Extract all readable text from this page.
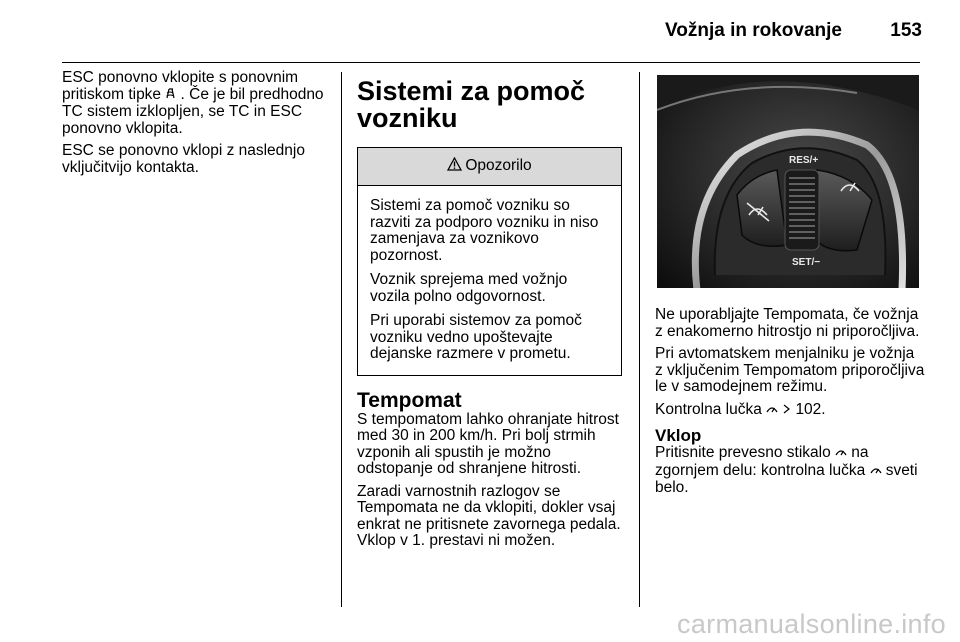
Vožnja in rokovanje	153

ESC ponovno vklopite s ponovnim pritiskom tipke . Če je bil predhodno TC sistem izklopljen, se TC in ESC ponovno vklopita.

ESC se ponovno vklopi z naslednjo vključitvijo kontakta.

Sistemi za pomoč vozniku
Opozorilo

Sistemi za pomoč vozniku so razviti za podporo vozniku in niso zamenjava za voznikovo pozornost.

Voznik sprejema med vožnjo vozila polno odgovornost.

Pri uporabi sistemov za pomoč vozniku vedno upoštevajte dejanske razmere v prometu.

Tempomat

S tempomatom lahko ohranjate hitrost med 30 in 200 km/h. Pri bolj strmih vzponih ali spustih je možno odstopanje od shranjene hitrosti.

Zaradi varnostnih razlogov se Tempomata ne da vklopiti, dokler vsaj enkrat ne pritisnete zavornega pedala. Vklop v 1. prestavi ni možen.

RES/+
SET/−

Ne uporabljajte Tempomata, če vožnja z enakomerno hitrostjo ni priporočljiva.

Pri avtomatskem menjalniku je vožnja z vključenim Tempomatom priporočljiva le v samodejnem režimu.

Kontrolna lučka 102.

Vklop

Pritisnite prevesno stikalo na zgornjem delu: kontrolna lučka sveti belo.

carmanualsonline.info
